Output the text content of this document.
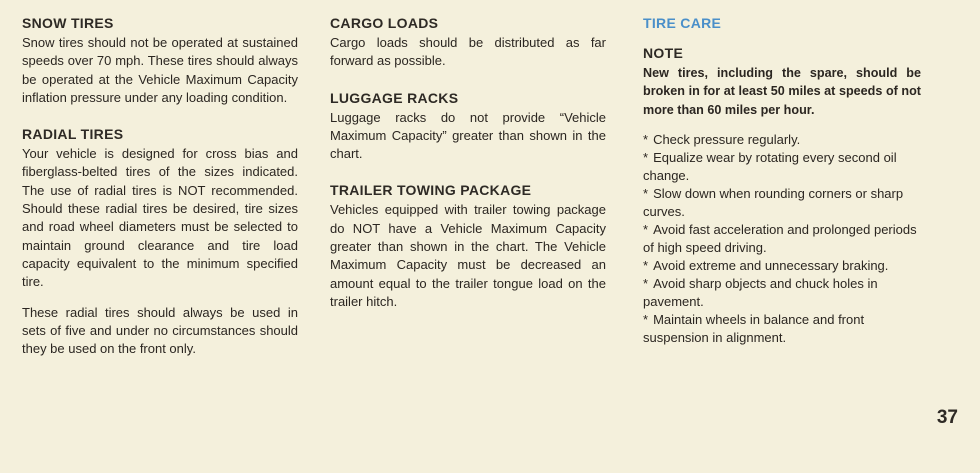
SNOW TIRES

Snow tires should not be operated at sustained speeds over 70 mph. These tires should always be operated at the Vehicle Maximum Capacity inflation pressure under any loading condition.

RADIAL TIRES

Your vehicle is designed for cross bias and fiberglass-belted tires of the sizes indicated. The use of radial tires is NOT recommended. Should these radial tires be desired, tire sizes and road wheel diameters must be selected to maintain ground clearance and tire load capacity equivalent to the minimum specified tire.

These radial tires should always be used in sets of five and under no circumstances should they be used on the front only.

CARGO LOADS

Cargo loads should be distributed as far forward as possible.

LUGGAGE RACKS

Luggage racks do not provide “Vehicle Maximum Capacity” greater than shown in the chart.

TRAILER TOWING PACKAGE

Vehicles equipped with trailer towing package do NOT have a Vehicle Maximum Capacity greater than shown in the chart. The Vehicle Maximum Capacity must be decreased an amount equal to the trailer tongue load on the trailer hitch.

TIRE CARE
NOTE

New tires, including the spare, should be broken in for at least 50 miles at speeds of not more than 60 miles per hour.

* Check pressure regularly.
* Equalize wear by rotating every second oil change.
* Slow down when rounding corners or sharp curves.
* Avoid fast acceleration and prolonged periods of high speed driving.
* Avoid extreme and unnecessary braking.
* Avoid sharp objects and chuck holes in pavement.
* Maintain wheels in balance and front suspension in alignment.
37
